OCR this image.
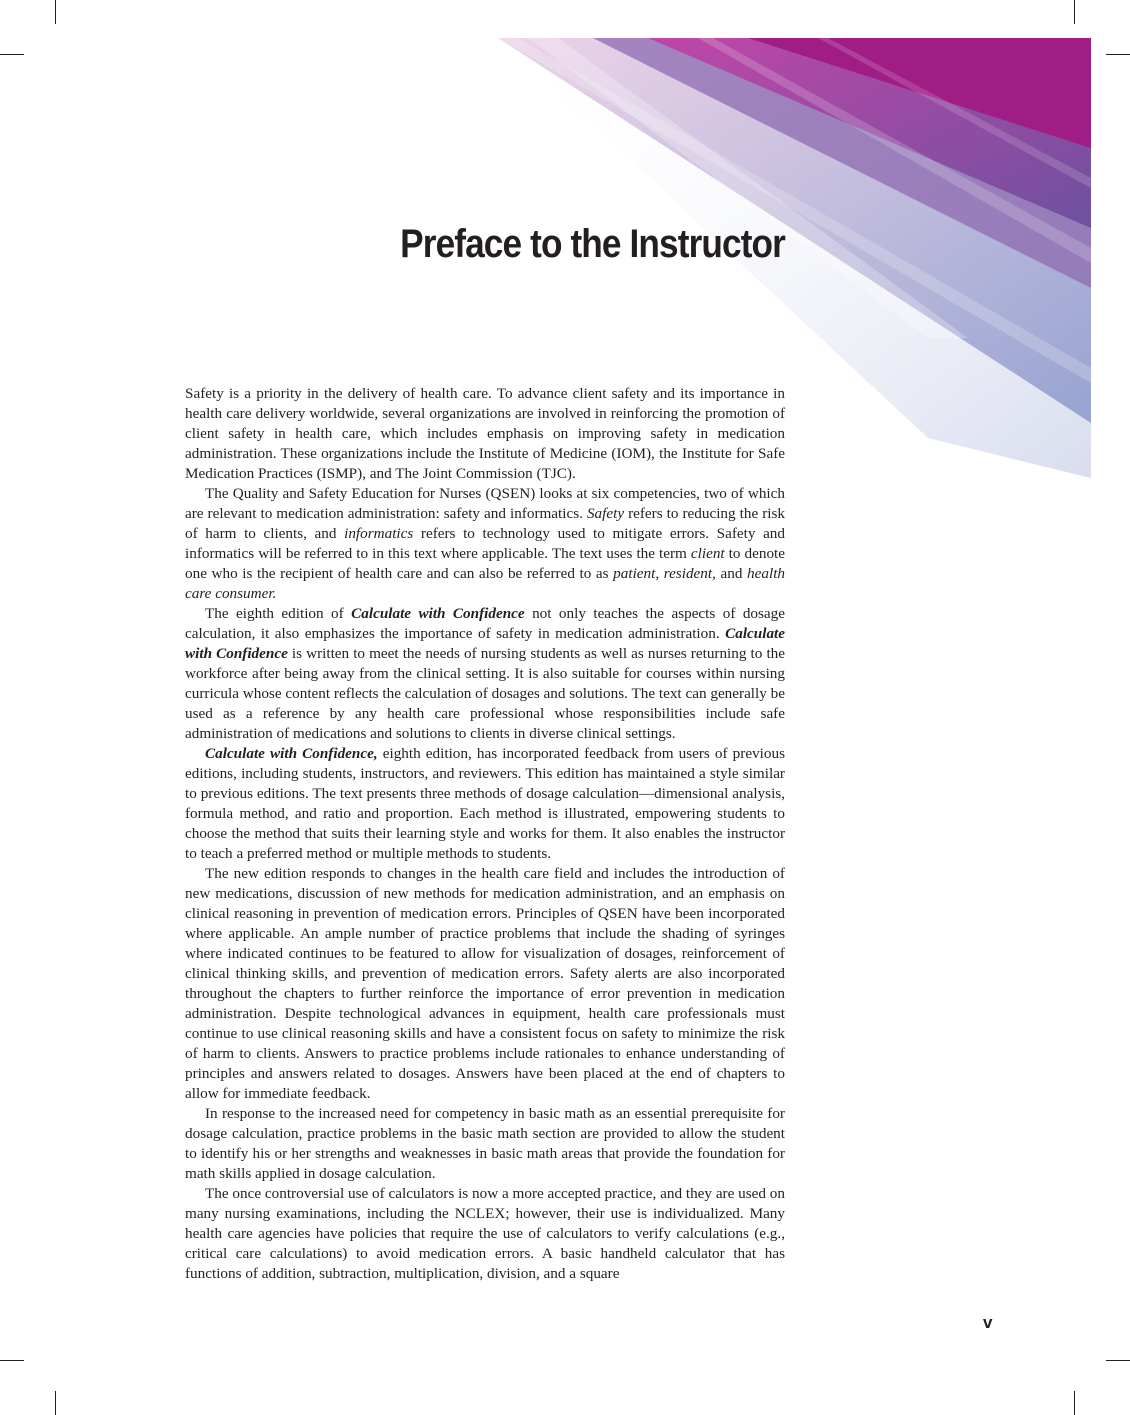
Preface to the Instructor

Safety is a priority in the delivery of health care. To advance client safety and its importance in health care delivery worldwide, several organizations are involved in reinforcing the promotion of client safety in health care, which includes emphasis on improving safety in medication administration. These organizations include the Institute of Medicine (IOM), the Institute for Safe Medication Practices (ISMP), and The Joint Commission (TJC).

The Quality and Safety Education for Nurses (QSEN) looks at six competencies, two of which are relevant to medication administration: safety and informatics. Safety refers to reducing the risk of harm to clients, and informatics refers to technology used to mitigate errors. Safety and informatics will be referred to in this text where applicable. The text uses the term client to denote one who is the recipient of health care and can also be referred to as patient, resident, and health care consumer.

The eighth edition of Calculate with Confidence not only teaches the aspects of dosage calculation, it also emphasizes the importance of safety in medication administration. Calculate with Confidence is written to meet the needs of nursing students as well as nurses returning to the workforce after being away from the clinical setting. It is also suitable for courses within nursing curricula whose content reflects the calculation of dosages and solutions. The text can generally be used as a reference by any health care professional whose responsibilities include safe administration of medications and solutions to clients in diverse clinical settings.

Calculate with Confidence, eighth edition, has incorporated feedback from users of previous editions, including students, instructors, and reviewers. This edition has maintained a style similar to previous editions. The text presents three methods of dosage calculation—dimensional analysis, formula method, and ratio and proportion. Each method is illustrated, empowering students to choose the method that suits their learning style and works for them. It also enables the instructor to teach a preferred method or multiple methods to students.

The new edition responds to changes in the health care field and includes the introduction of new medications, discussion of new methods for medication administration, and an emphasis on clinical reasoning in prevention of medication errors. Principles of QSEN have been incorporated where applicable. An ample number of practice problems that include the shading of syringes where indicated continues to be featured to allow for visualization of dosages, reinforcement of clinical thinking skills, and prevention of medication errors. Safety alerts are also incorporated throughout the chapters to further reinforce the importance of error prevention in medication administration. Despite technological advances in equipment, health care professionals must continue to use clinical reasoning skills and have a consistent focus on safety to minimize the risk of harm to clients. Answers to practice problems include rationales to enhance understanding of principles and answers related to dosages. Answers have been placed at the end of chapters to allow for immediate feedback.

In response to the increased need for competency in basic math as an essential prerequisite for dosage calculation, practice problems in the basic math section are provided to allow the student to identify his or her strengths and weaknesses in basic math areas that provide the foundation for math skills applied in dosage calculation.

The once controversial use of calculators is now a more accepted practice, and they are used on many nursing examinations, including the NCLEX; however, their use is individualized. Many health care agencies have policies that require the use of calculators to verify calculations (e.g., critical care calculations) to avoid medication errors. A basic handheld calculator that has functions of addition, subtraction, multiplication, division, and a square

v
